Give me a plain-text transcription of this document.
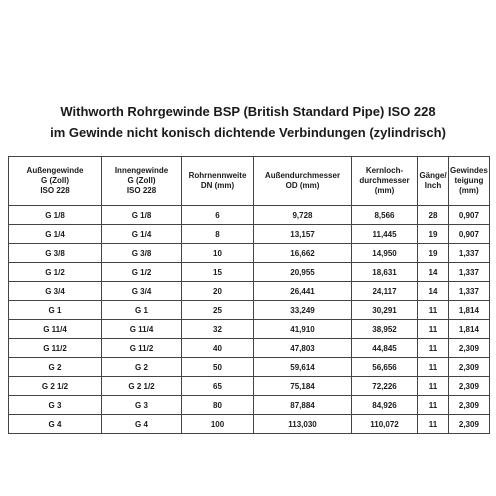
Withworth Rohrgewinde BSP (British Standard Pipe) ISO 228
im Gewinde nicht konisch dichtende Verbindungen (zylindrisch)
Außengewinde
G (Zoll)
ISO 228	Innengewinde
G (Zoll)
ISO 228	Rohrnennweite
DN (mm)	Außendurchmesser
OD (mm)	Kernloch-
durchmesser
(mm)	Gänge/
Inch	Gewindes
teigung
(mm)
G 1/8	G 1/8	6	9,728	8,566	28	0,907
G 1/4	G 1/4	8	13,157	11,445	19	0,907
G 3/8	G 3/8	10	16,662	14,950	19	1,337
G 1/2	G 1/2	15	20,955	18,631	14	1,337
G 3/4	G 3/4	20	26,441	24,117	14	1,337
G 1	G 1	25	33,249	30,291	11	1,814
G 11/4	G 11/4	32	41,910	38,952	11	1,814
G 11/2	G 11/2	40	47,803	44,845	11	2,309
G 2	G 2	50	59,614	56,656	11	2,309
G 2 1/2	G 2 1/2	65	75,184	72,226	11	2,309
G 3	G 3	80	87,884	84,926	11	2,309
G 4	G 4	100	113,030	110,072	11	2,309
